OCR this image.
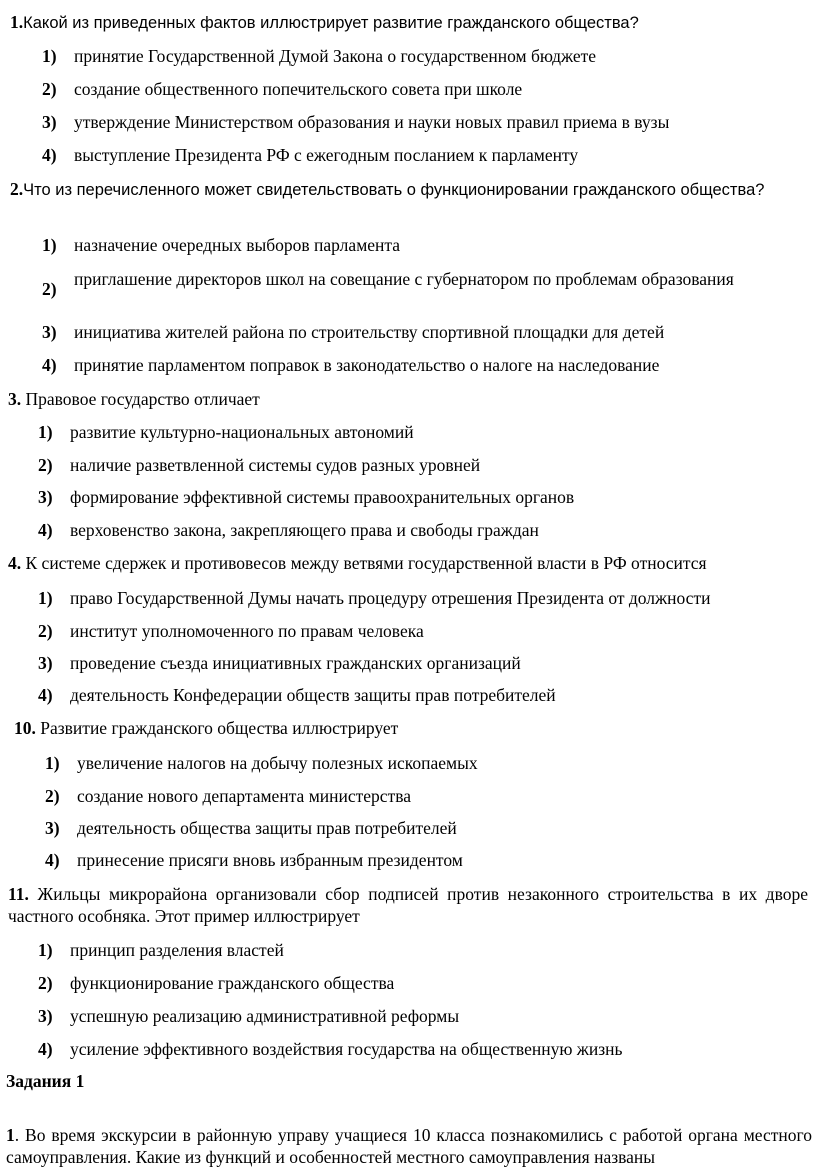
1.Какой из приведенных фактов иллюстрирует развитие гражданского общества?
1) принятие Государственной Думой Закона о государственном бюджете
2) создание общественного попечительского совета при школе
3) утверждение Министерством образования и науки новых правил приема в вузы
4) выступление Президента РФ с ежегодным посланием к парламенту
2.Что из перечисленного может свидетельствовать о функционировании гражданского общества?
1) назначение очередных выборов парламента
2) приглашение директоров школ на совещание с губернатором по проблемам образования
3) инициатива жителей района по строительству спортивной площадки для детей
4) принятие парламентом поправок в законодательство о налоге на наследование
3. Правовое государство отличает
1) развитие культурно-национальных автономий
2) наличие разветвленной системы судов разных уровней
3) формирование эффективной системы правоохранительных органов
4) верховенство закона, закрепляющего права и свободы граждан
4. К системе сдержек и противовесов между ветвями государственной власти в РФ относится
1) право Государственной Думы начать процедуру отрешения Президента от должности
2) институт уполномоченного по правам человека
3) проведение съезда инициативных гражданских организаций
4) деятельность Конфедерации обществ защиты прав потребителей
10. Развитие гражданского общества иллюстрирует
1) увеличение налогов на добычу полезных ископаемых
2) создание нового департамента министерства
3) деятельность общества защиты прав потребителей
4) принесение присяги вновь избранным президентом
11. Жильцы микрорайона организовали сбор подписей против незаконного строительства в их дворе частного особняка. Этот пример иллюстрирует
1) принцип разделения властей
2) функционирование гражданского общества
3) успешную реализацию административной реформы
4) усиление эффективного воздействия государства на общественную жизнь
Задания 1
1. Во время экскурсии в районную управу учащиеся 10 класса познакомились с работой органа местного самоуправления. Какие из функций и особенностей местного самоуправления названы
